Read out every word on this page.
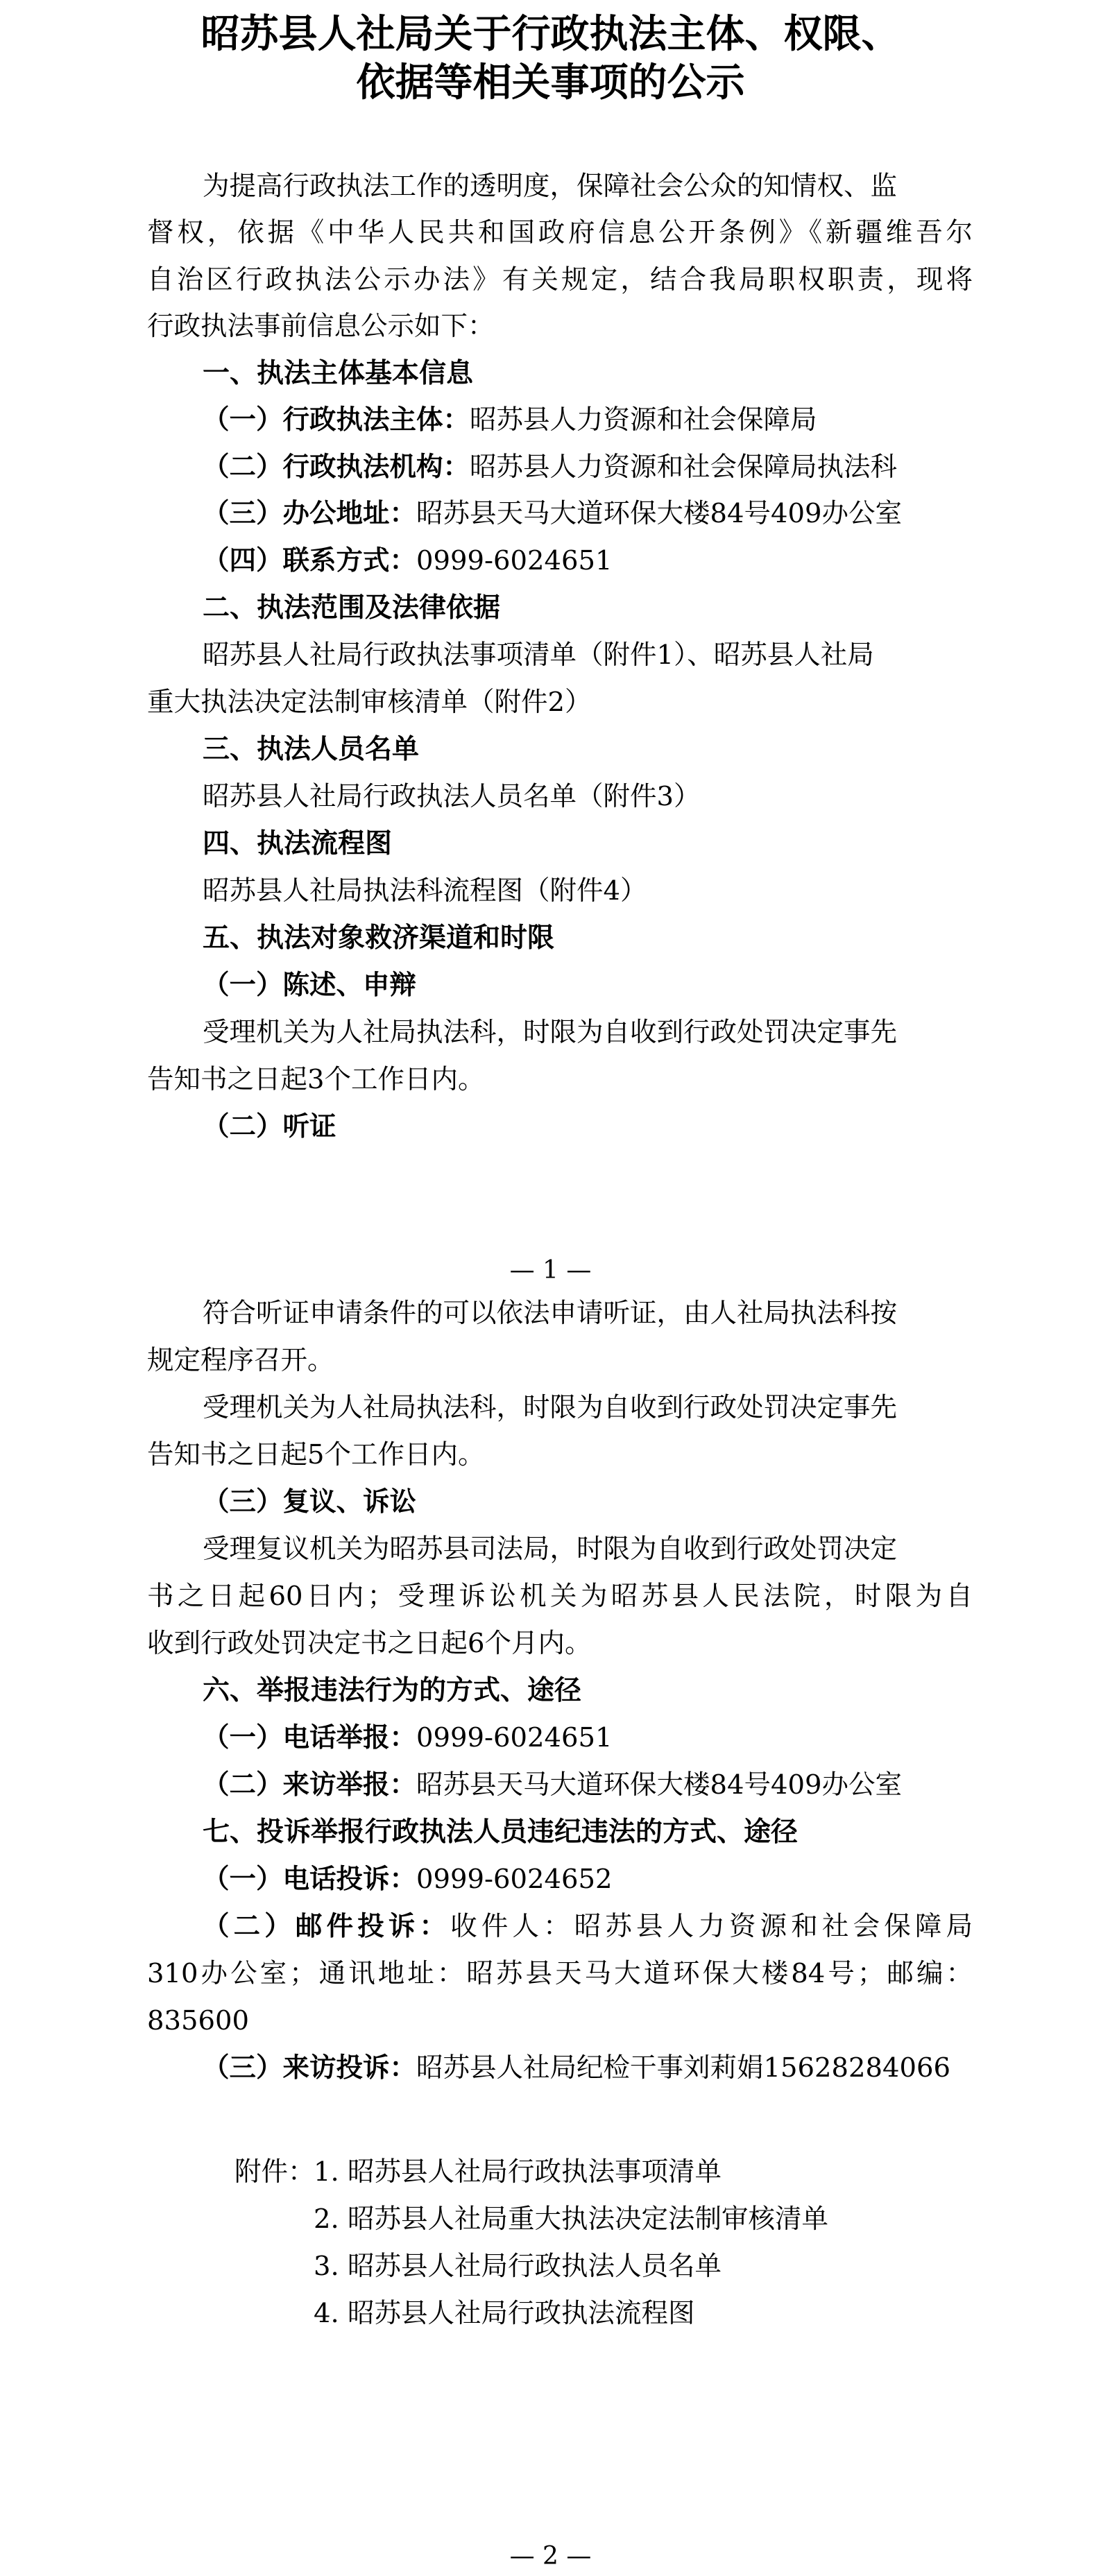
昭苏县人社局关于行政执法主体、权限、
依据等相关事项的公示
为提高行政执法工作的透明度，保障社会公众的知情权、监
督权，依据《中华人民共和国政府信息公开条例》《新疆维吾尔
自治区行政执法公示办法》有关规定，结合我局职权职责，现将
行政执法事前信息公示如下：
一、执法主体基本信息
（一）行政执法主体：昭苏县人力资源和社会保障局
（二）行政执法机构：昭苏县人力资源和社会保障局执法科
（三）办公地址：昭苏县天马大道环保大楼84号409办公室
（四）联系方式：0999-6024651
二、执法范围及法律依据
昭苏县人社局行政执法事项清单（附件1）、昭苏县人社局
重大执法决定法制审核清单（附件2）
三、执法人员名单
昭苏县人社局行政执法人员名单（附件3）
四、执法流程图
昭苏县人社局执法科流程图（附件4）
五、执法对象救济渠道和时限
（一）陈述、申辩
受理机关为人社局执法科，时限为自收到行政处罚决定事先
告知书之日起3个工作日内。
（二）听证
— 1 —
符合听证申请条件的可以依法申请听证，由人社局执法科按
规定程序召开。
受理机关为人社局执法科，时限为自收到行政处罚决定事先
告知书之日起5个工作日内。
（三）复议、诉讼
受理复议机关为昭苏县司法局，时限为自收到行政处罚决定
书之日起60日内；受理诉讼机关为昭苏县人民法院，时限为自
收到行政处罚决定书之日起6个月内。
六、举报违法行为的方式、途径
（一）电话举报：0999-6024651
（二）来访举报：昭苏县天马大道环保大楼84号409办公室
七、投诉举报行政执法人员违纪违法的方式、途径
（一）电话投诉：0999-6024652
（二）邮件投诉：收件人：昭苏县人力资源和社会保障局
310办公室；通讯地址：昭苏县天马大道环保大楼84号；邮编：
835600
（三）来访投诉：昭苏县人社局纪检干事刘莉娟15628284066
附件：
1. 昭苏县人社局行政执法事项清单
2. 昭苏县人社局重大执法决定法制审核清单
3. 昭苏县人社局行政执法人员名单
4. 昭苏县人社局行政执法流程图
— 2 —
